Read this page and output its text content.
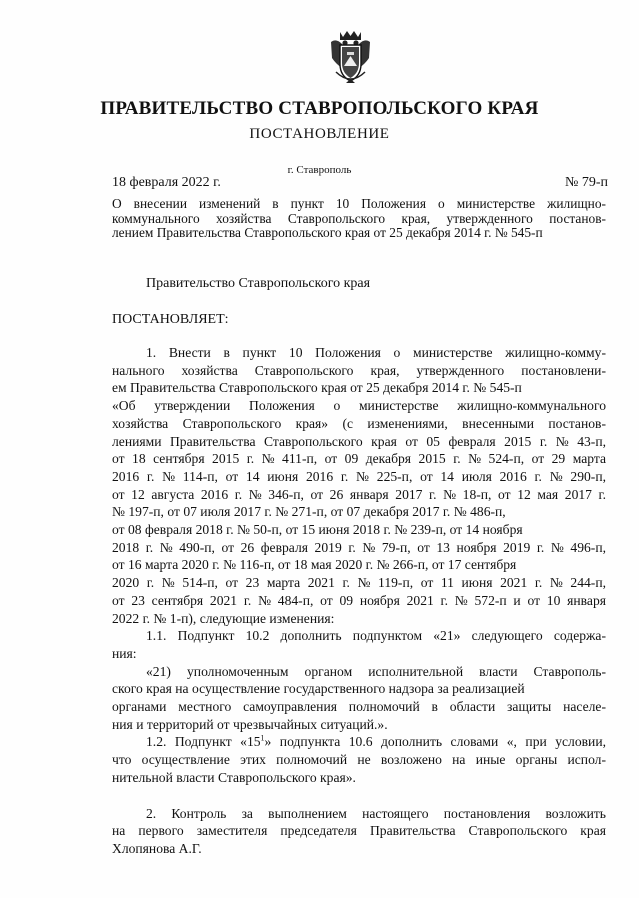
ПРАВИТЕЛЬСТВО СТАВРОПОЛЬСКОГО КРАЯ
ПОСТАНОВЛЕНИЕ
г. Ставрополь
18 февраля 2022 г.	№ 79-п
О внесении изменений в пункт 10 Положения о министерстве жилищно-
коммунального хозяйства Ставропольского края, утвержденного постанов-
лением Правительства Ставропольского края от 25 декабря 2014 г. № 545-п
Правительство Ставропольского края
ПОСТАНОВЛЯЕТ:
1. Внести в пункт 10 Положения о министерстве жилищно-комму-
нального хозяйства Ставропольского края, утвержденного постановлени-
ем Правительства Ставропольского края от 25 декабря 2014 г. № 545-п
«Об утверждении Положения о министерстве жилищно-коммунального
хозяйства Ставропольского края» (с изменениями, внесенными постанов-
лениями Правительства Ставропольского края от 05 февраля 2015 г. № 43-п,
от 18 сентября 2015 г. № 411-п, от 09 декабря 2015 г. № 524-п, от 29 марта
2016 г. № 114-п, от 14 июня 2016 г. № 225-п, от 14 июля 2016 г. № 290-п,
от 12 августа 2016 г. № 346-п, от 26 января 2017 г. № 18-п, от 12 мая 2017 г.
№ 197-п, от 07 июля 2017 г. № 271-п, от 07 декабря 2017 г. № 486-п,
от 08 февраля 2018 г. № 50-п, от 15 июня 2018 г. № 239-п, от 14 ноября
2018 г. № 490-п, от 26 февраля 2019 г. № 79-п, от 13 ноября 2019 г. № 496-п,
от 16 марта 2020 г. № 116-п, от 18 мая 2020 г. № 266-п, от 17 сентября
2020 г. № 514-п, от 23 марта 2021 г. № 119-п, от 11 июня 2021 г. № 244-п,
от 23 сентября 2021 г. № 484-п, от 09 ноября 2021 г. № 572-п и от 10 января
2022 г. № 1-п), следующие изменения:
1.1. Подпункт 10.2 дополнить подпунктом «21» следующего содержа-
ния:
«21) уполномоченным органом исполнительной власти Ставрополь-
ского края на осуществление государственного надзора за реализацией
органами местного самоуправления полномочий в области защиты населе-
ния и территорий от чрезвычайных ситуаций.».
1.2. Подпункт «$15^1$» подпункта 10.6 дополнить словами «, при условии,
что осуществление этих полномочий не возложено на иные органы испол-
нительной власти Ставропольского края».
2. Контроль за выполнением настоящего постановления возложить
на первого заместителя председателя Правительства Ставропольского края
Хлопянова А.Г.
